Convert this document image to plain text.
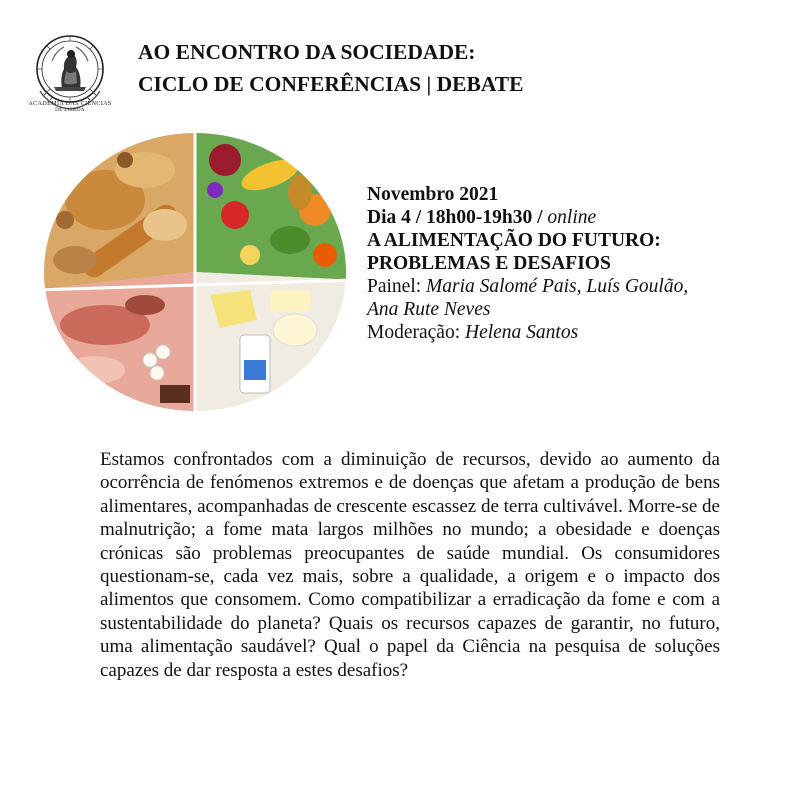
ACADEMIA DAS CIÊNCIAS
DE LISBOA
AO ENCONTRO DA SOCIEDADE:
CICLO DE CONFERÊNCIAS | DEBATE
Novembro 2021
Dia 4 / 18h00-19h30 / online
A ALIMENTAÇÃO DO FUTURO:
PROBLEMAS E DESAFIOS
Painel: Maria Salomé Pais, Luís Goulão,
Ana Rute Neves
Moderação: Helena Santos
Estamos confrontados com a diminuição de recursos, devido ao aumento da ocorrência de fenómenos extremos e de doenças que afetam a produção de bens alimentares, acompanhadas de crescente escassez de terra cultivável. Morre-se de malnutrição; a fome mata largos milhões no mundo; a obesidade e doenças crónicas são problemas preocupantes de saúde mundial. Os consumidores questionam-se, cada vez mais, sobre a qualidade, a origem e o impacto dos alimentos que consomem. Como compatibilizar a erradicação da fome e com a sustentabilidade do planeta? Quais os recursos capazes de garantir, no futuro, uma alimentação saudável? Qual o papel da Ciência na pesquisa de soluções capazes de dar resposta a estes desafios?
